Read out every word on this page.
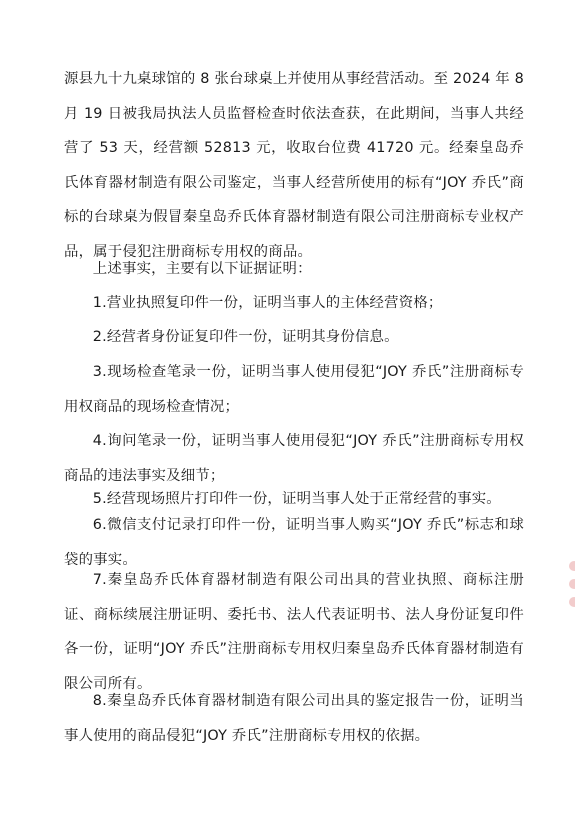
源县九十九桌球馆的 8 张台球桌上并使用从事经营活动。至 2024 年 8 月 19 日被我局执法人员监督检查时依法查获，在此期间，当事人共经营了 53 天，经营额 52813 元，收取台位费 41720 元。经秦皇岛乔氏体育器材制造有限公司鉴定，当事人经营所使用的标有“JOY 乔氏”商标的台球桌为假冒秦皇岛乔氏体育器材制造有限公司注册商标专业权产品，属于侵犯注册商标专用权的商品。

上述事实，主要有以下证据证明：

1.营业执照复印件一份，证明当事人的主体经营资格；

2.经营者身份证复印件一份，证明其身份信息。

3.现场检查笔录一份，证明当事人使用侵犯“JOY 乔氏”注册商标专用权商品的现场检查情况；

4.询问笔录一份，证明当事人使用侵犯“JOY 乔氏”注册商标专用权商品的违法事实及细节；

5.经营现场照片打印件一份，证明当事人处于正常经营的事实。

6.微信支付记录打印件一份，证明当事人购买“JOY 乔氏”标志和球袋的事实。

7.秦皇岛乔氏体育器材制造有限公司出具的营业执照、商标注册证、商标续展注册证明、委托书、法人代表证明书、法人身份证复印件各一份，证明“JOY 乔氏”注册商标专用权归秦皇岛乔氏体育器材制造有限公司所有。

8.秦皇岛乔氏体育器材制造有限公司出具的鉴定报告一份，证明当事人使用的商品侵犯“JOY 乔氏”注册商标专用权的依据。
